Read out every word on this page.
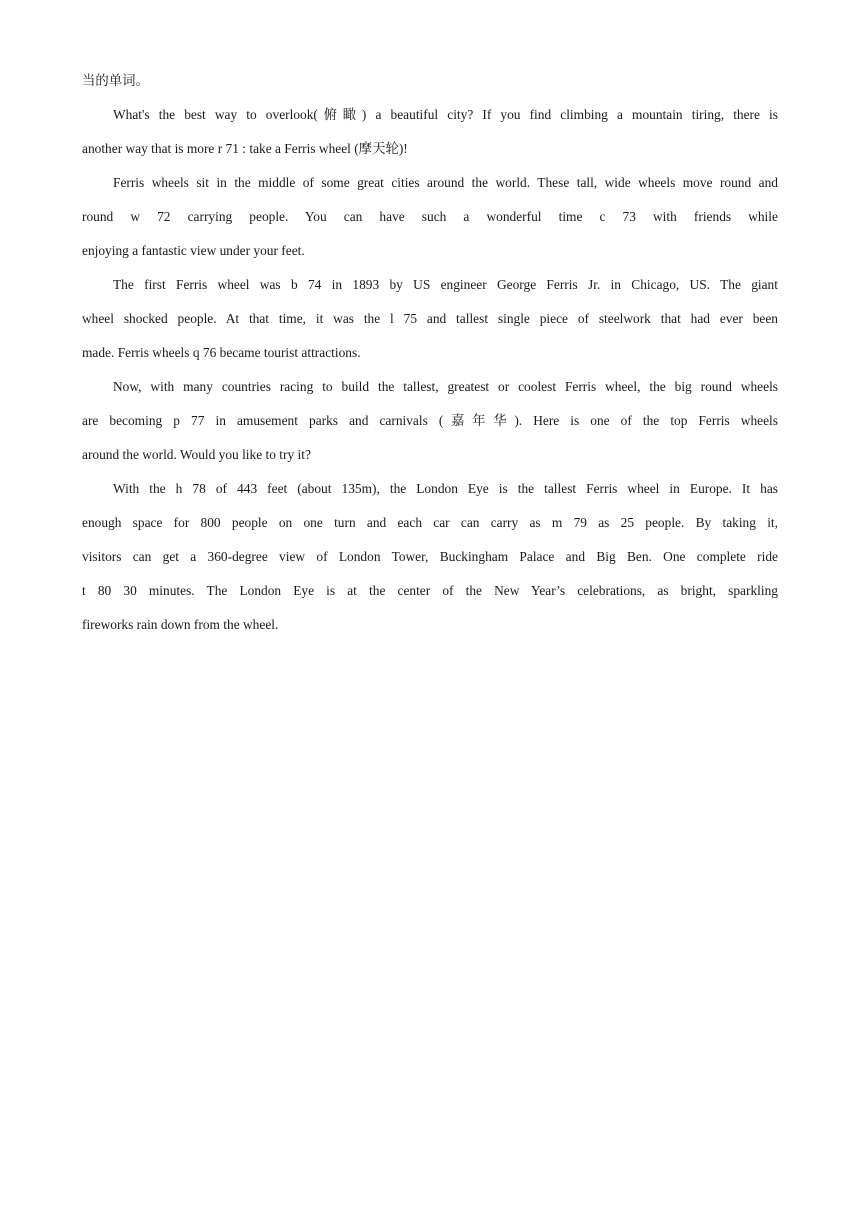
当的单词。
What's the best way to overlook(俯瞰) a beautiful city? If you find climbing a mountain tiring, there is
another way that is more r 71 : take a Ferris wheel (摩天轮)!
Ferris wheels sit in the middle of some great cities around the world. These tall, wide wheels move round and
round w 72 carrying people. You can have such a wonderful time c 73 with friends while
enjoying a fantastic view under your feet.
The first Ferris wheel was b 74 in 1893 by US engineer George Ferris Jr. in Chicago, US. The giant
wheel shocked people. At that time, it was the l 75 and tallest single piece of steelwork that had ever been
made. Ferris wheels q 76 became tourist attractions.
Now, with many countries racing to build the tallest, greatest or coolest Ferris wheel, the big round wheels
are becoming p 77 in amusement parks and carnivals (嘉年华). Here is one of the top Ferris wheels
around the world. Would you like to try it?
With the h 78 of 443 feet (about 135m), the London Eye is the tallest Ferris wheel in Europe. It has
enough space for 800 people on one turn and each car can carry as m 79 as 25 people. By taking it,
visitors can get a 360-degree view of London Tower, Buckingham Palace and Big Ben. One complete ride
t 80 30 minutes. The London Eye is at the center of the New Year’s celebrations, as bright, sparkling
fireworks rain down from the wheel.
